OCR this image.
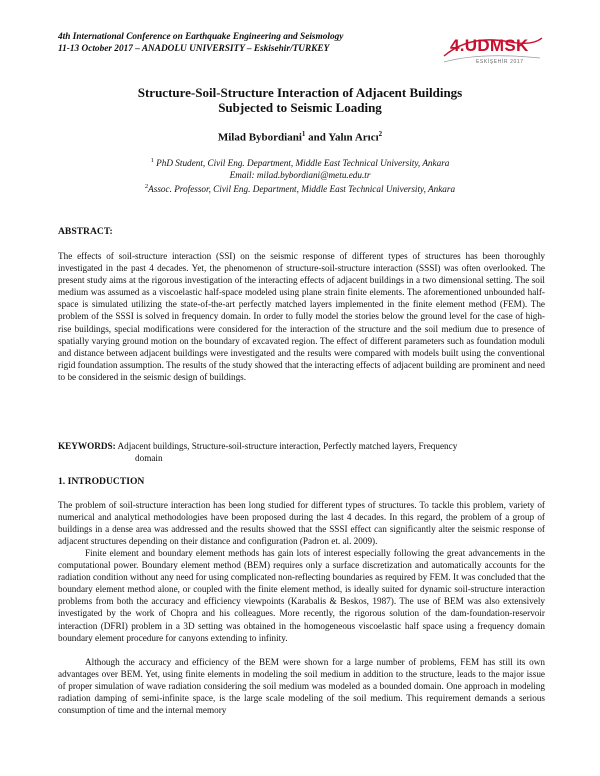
4th International Conference on Earthquake Engineering and Seismology
11-13 October 2017 – ANADOLU UNIVERSITY – Eskisehir/TURKEY	4.UDMSK
ESKİŞEHİR 2017
Structure-Soil-Structure Interaction of Adjacent Buildings
Subjected to Seismic Loading
Milad Bybordiani$^1$ and Yalın Arıcı$^2$
$^1$ PhD Student, Civil Eng. Department, Middle East Technical University, Ankara
Email: milad.bybordiani@metu.edu.tr
$^2$Assoc. Professor, Civil Eng. Department, Middle East Technical University, Ankara
ABSTRACT:

The effects of soil-structure interaction (SSI) on the seismic response of different types of structures has been thoroughly investigated in the past 4 decades. Yet, the phenomenon of structure-soil-structure interaction (SSSI) was often overlooked. The present study aims at the rigorous investigation of the interacting effects of adjacent buildings in a two dimensional setting. The soil medium was assumed as a viscoelastic half-space modeled using plane strain finite elements. The aforementioned unbounded half-space is simulated utilizing the state-of-the-art perfectly matched layers implemented in the finite element method (FEM). The problem of the SSSI is solved in frequency domain. In order to fully model the stories below the ground level for the case of high-rise buildings, special modifications were considered for the interaction of the structure and the soil medium due to presence of spatially varying ground motion on the boundary of excavated region. The effect of different parameters such as foundation moduli and distance between adjacent buildings were investigated and the results were compared with models built using the conventional rigid foundation assumption. The results of the study showed that the interacting effects of adjacent building are prominent and need to be considered in the seismic design of buildings.

KEYWORDS: Adjacent buildings, Structure-soil-structure interaction, Perfectly matched layers, Frequency
domain
1. INTRODUCTION

The problem of soil-structure interaction has been long studied for different types of structures. To tackle this problem, variety of numerical and analytical methodologies have been proposed during the last 4 decades. In this regard, the problem of a group of buildings in a dense area was addressed and the results showed that the SSSI effect can significantly alter the seismic response of adjacent structures depending on their distance and configuration (Padron et. al. 2009).

Finite element and boundary element methods has gain lots of interest especially following the great advancements in the computational power. Boundary element method (BEM) requires only a surface discretization and automatically accounts for the radiation condition without any need for using complicated non-reflecting boundaries as required by FEM. It was concluded that the boundary element method alone, or coupled with the finite element method, is ideally suited for dynamic soil-structure interaction problems from both the accuracy and efficiency viewpoints (Karabalis & Beskos, 1987). The use of BEM was also extensively investigated by the work of Chopra and his colleagues. More recently, the rigorous solution of the dam-foundation-reservoir interaction (DFRI) problem in a 3D setting was obtained in the homogeneous viscoelastic half space using a frequency domain boundary element procedure for canyons extending to infinity.

Although the accuracy and efficiency of the BEM were shown for a large number of problems, FEM has still its own advantages over BEM. Yet, using finite elements in modeling the soil medium in addition to the structure, leads to the major issue of proper simulation of wave radiation considering the soil medium was modeled as a bounded domain. One approach in modeling radiation damping of semi-infinite space, is the large scale modeling of the soil medium. This requirement demands a serious consumption of time and the internal memory
